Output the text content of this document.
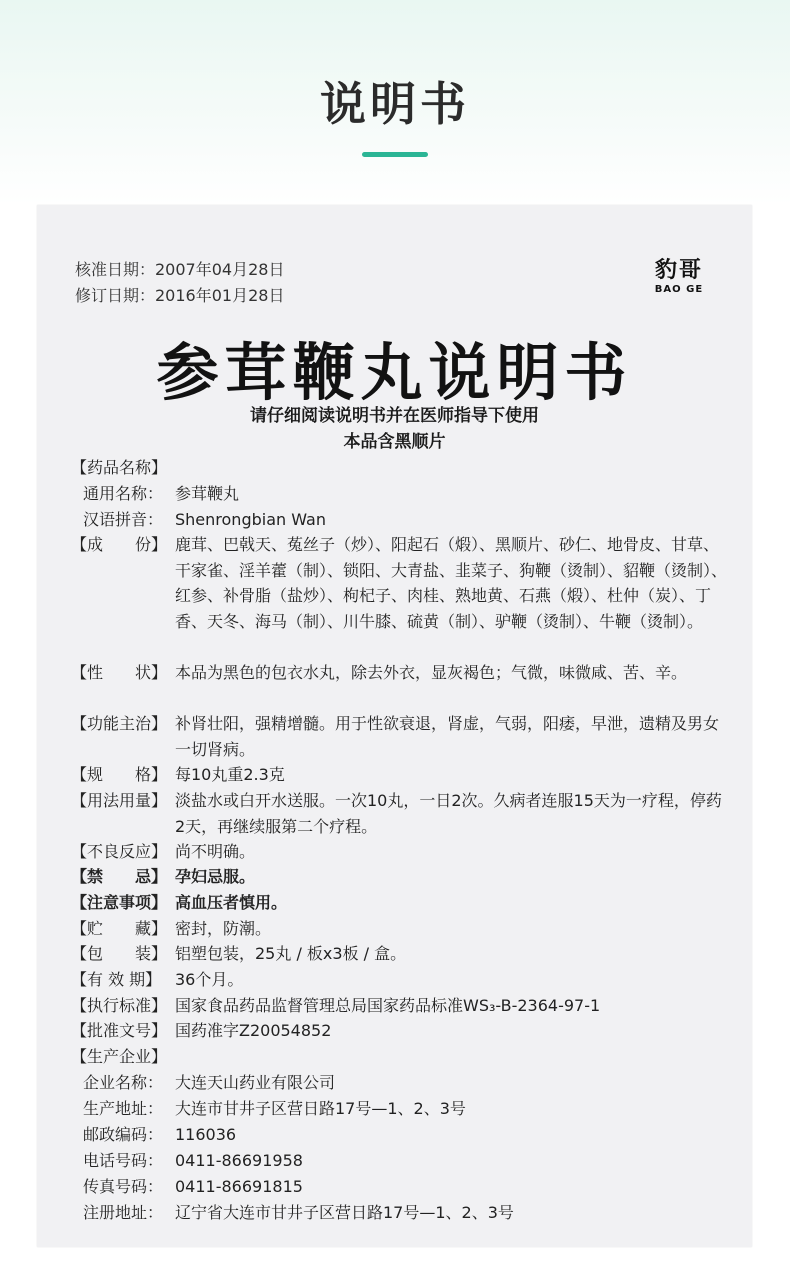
说明书
核准日期：2007年04月28日
修订日期：2016年01月28日
豹哥
BAO GE
参茸鞭丸说明书
请仔细阅读说明书并在医师指导下使用
本品含黑顺片
【药品名称】
通用名称： 参茸鞭丸
汉语拼音： Shenrongbian Wan
【成　　份】 鹿茸、巴戟天、菟丝子（炒）、阳起石（煅）、黑顺片、砂仁、地骨皮、甘草、干家雀、淫羊藿（制）、锁阳、大青盐、韭菜子、狗鞭（烫制）、貂鞭（烫制）、红参、补骨脂（盐炒）、枸杞子、肉桂、熟地黄、石燕（煅）、杜仲（炭）、丁香、天冬、海马（制）、川牛膝、硫黄（制）、驴鞭（烫制）、牛鞭（烫制）。
【性　　状】 本品为黑色的包衣水丸，除去外衣，显灰褐色；气微，味微咸、苦、辛。
【功能主治】 补肾壮阳，强精增髓。用于性欲衰退，肾虚，气弱，阳痿，早泄，遗精及男女一切肾病。
【规　　格】 每10丸重2.3克
【用法用量】 淡盐水或白开水送服。一次10丸，一日2次。久病者连服15天为一疗程，停药2天，再继续服第二个疗程。
【不良反应】 尚不明确。
【禁　　忌】 孕妇忌服。
【注意事项】 高血压者慎用。
【贮　　藏】 密封，防潮。
【包　　装】 铝塑包装，25丸 / 板x3板 / 盒。
【有 效 期】 36个月。
【执行标准】 国家食品药品监督管理总局国家药品标准WS₃-B-2364-97-1
【批准文号】 国药准字Z20054852
【生产企业】
企业名称： 大连天山药业有限公司
生产地址： 大连市甘井子区营日路17号—1、2、3号
邮政编码： 116036
电话号码： 0411-86691958
传真号码： 0411-86691815
注册地址： 辽宁省大连市甘井子区营日路17号—1、2、3号
